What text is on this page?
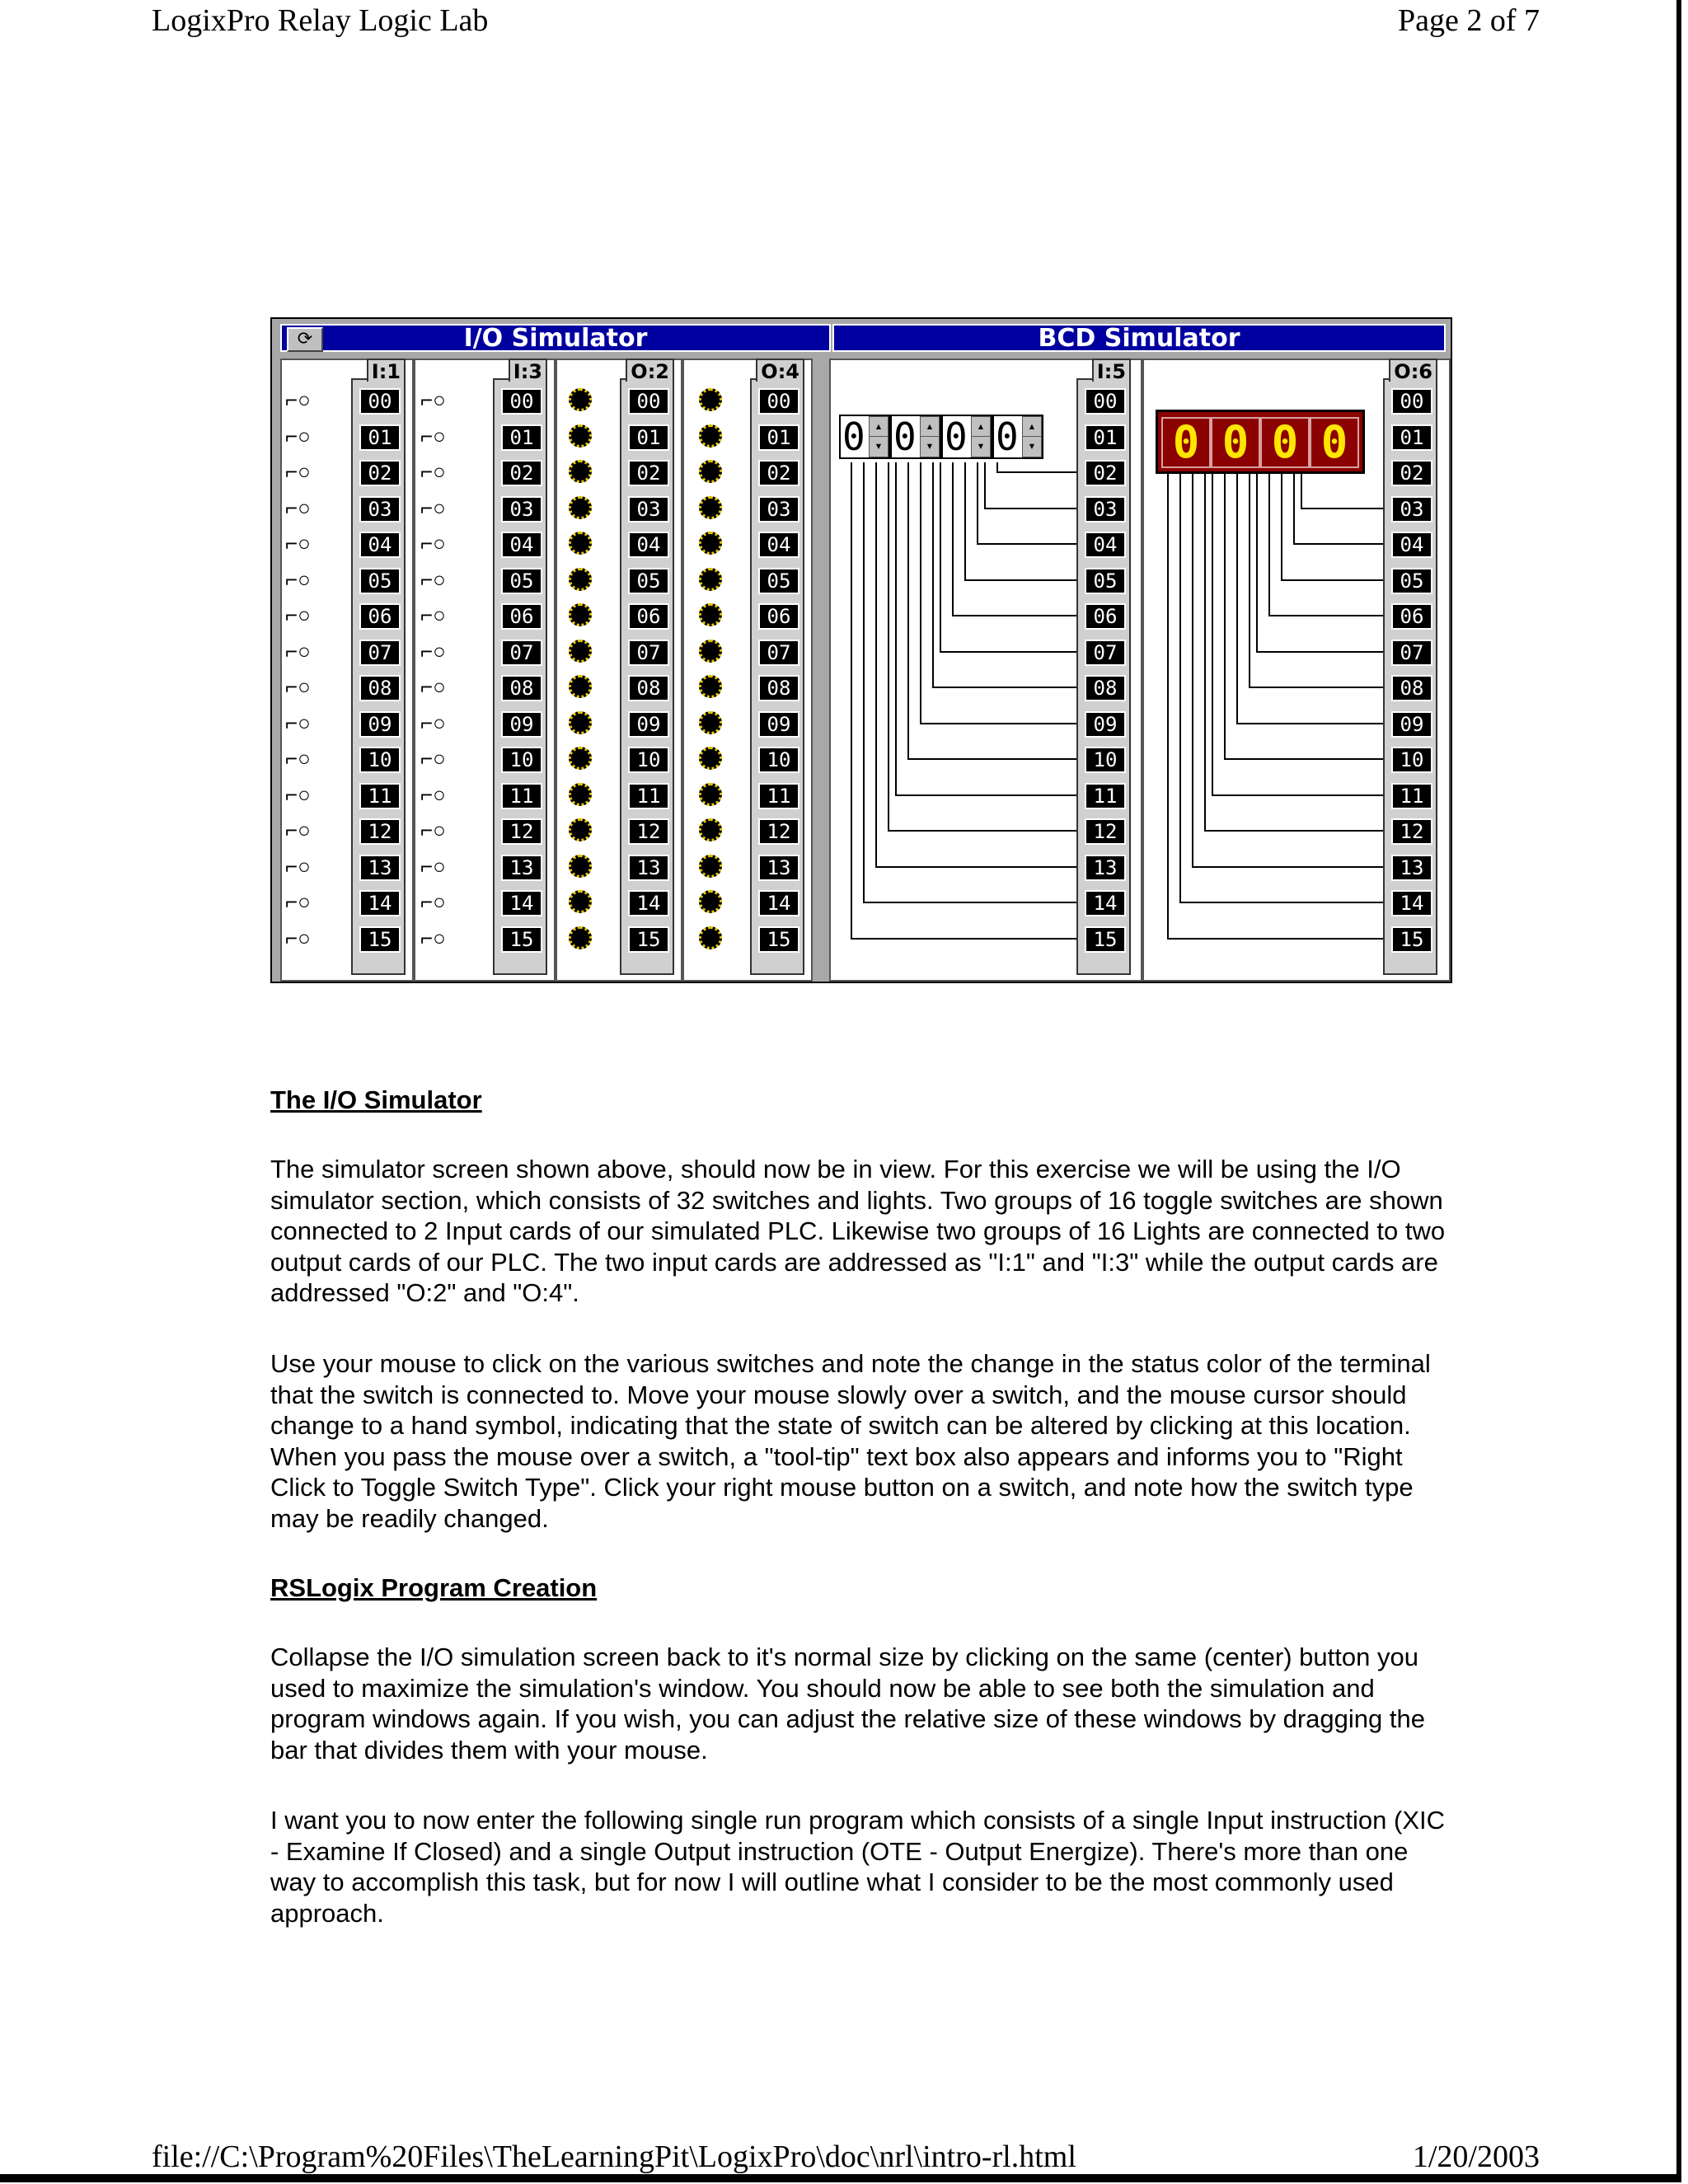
LogixPro Relay Logic Lab	Page 2 of 7
I/O Simulator
⟳	BCD Simulator
I:1
00
01
02
03
04
05
06
07
08
09
10
11
12
13
14
15
⌐○
⌐○
⌐○
⌐○
⌐○
⌐○
⌐○
⌐○
⌐○
⌐○
⌐○
⌐○
⌐○
⌐○
⌐○
⌐○
I:3
00
01
02
03
04
05
06
07
08
09
10
11
12
13
14
15
⌐○
⌐○
⌐○
⌐○
⌐○
⌐○
⌐○
⌐○
⌐○
⌐○
⌐○
⌐○
⌐○
⌐○
⌐○
⌐○
O:2
00
01
02
03
04
05
06
07
08
09
10
11
12
13
14
15
O:4
00
01
02
03
04
05
06
07
08
09
10
11
12
13
14
15
I:5
00
01
02
03
04
05
06
07
08
09
10
11
12
13
14
15
0 ▴
▾ 0 ▴
▾ 0 ▴
▾ 0 ▴
▾
O:6
00
01
02
03
04
05
06
07
08
09
10
11
12
13
14
15
0 0 0 0
The I/O Simulator
The simulator screen shown above, should now be in view. For this exercise we will be using the I/O simulator section, which consists of 32 switches and lights. Two groups of 16 toggle switches are shown connected to 2 Input cards of our simulated PLC. Likewise two groups of 16 Lights are connected to two output cards of our PLC. The two input cards are addressed as "I:1" and "I:3" while the output cards are addressed "O:2" and "O:4".
Use your mouse to click on the various switches and note the change in the status color of the terminal that the switch is connected to. Move your mouse slowly over a switch, and the mouse cursor should change to a hand symbol, indicating that the state of switch can be altered by clicking at this location. When you pass the mouse over a switch, a "tool-tip" text box also appears and informs you to "Right Click to Toggle Switch Type". Click your right mouse button on a switch, and note how the switch type may be readily changed.
RSLogix Program Creation
Collapse the I/O simulation screen back to it's normal size by clicking on the same (center) button you used to maximize the simulation's window. You should now be able to see both the simulation and program windows again. If you wish, you can adjust the relative size of these windows by dragging the bar that divides them with your mouse.
I want you to now enter the following single run program which consists of a single Input instruction (XIC - Examine If Closed) and a single Output instruction (OTE - Output Energize). There's more than one way to accomplish this task, but for now I will outline what I consider to be the most commonly used approach.
file://C:\Program%20Files\TheLearningPit\LogixPro\doc\nrl\intro-rl.html	1/20/2003
